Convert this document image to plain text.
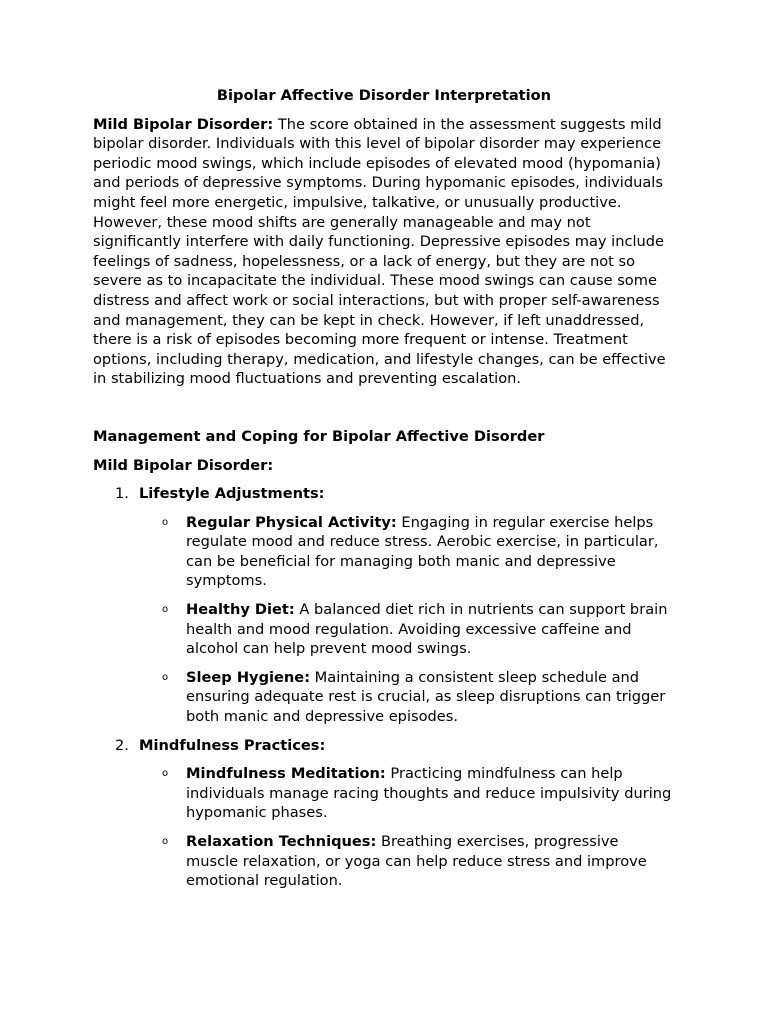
Bipolar Affective Disorder Interpretation

Mild Bipolar Disorder: The score obtained in the assessment suggests mild bipolar disorder. Individuals with this level of bipolar disorder may experience periodic mood swings, which include episodes of elevated mood (hypomania) and periods of depressive symptoms. During hypomanic episodes, individuals might feel more energetic, impulsive, talkative, or unusually productive. However, these mood shifts are generally manageable and may not significantly interfere with daily functioning. Depressive episodes may include feelings of sadness, hopelessness, or a lack of energy, but they are not so severe as to incapacitate the individual. These mood swings can cause some distress and affect work or social interactions, but with proper self-awareness and management, they can be kept in check. However, if left unaddressed, there is a risk of episodes becoming more frequent or intense. Treatment options, including therapy, medication, and lifestyle changes, can be effective in stabilizing mood fluctuations and preventing escalation.

Management and Coping for Bipolar Affective Disorder
Mild Bipolar Disorder:
1. Lifestyle Adjustments:
o Regular Physical Activity: Engaging in regular exercise helps regulate mood and reduce stress. Aerobic exercise, in particular, can be beneficial for managing both manic and depressive symptoms.
o Healthy Diet: A balanced diet rich in nutrients can support brain health and mood regulation. Avoiding excessive caffeine and alcohol can help prevent mood swings.
o Sleep Hygiene: Maintaining a consistent sleep schedule and ensuring adequate rest is crucial, as sleep disruptions can trigger both manic and depressive episodes.
2. Mindfulness Practices:
o Mindfulness Meditation: Practicing mindfulness can help individuals manage racing thoughts and reduce impulsivity during hypomanic phases.
o Relaxation Techniques: Breathing exercises, progressive muscle relaxation, or yoga can help reduce stress and improve emotional regulation.
